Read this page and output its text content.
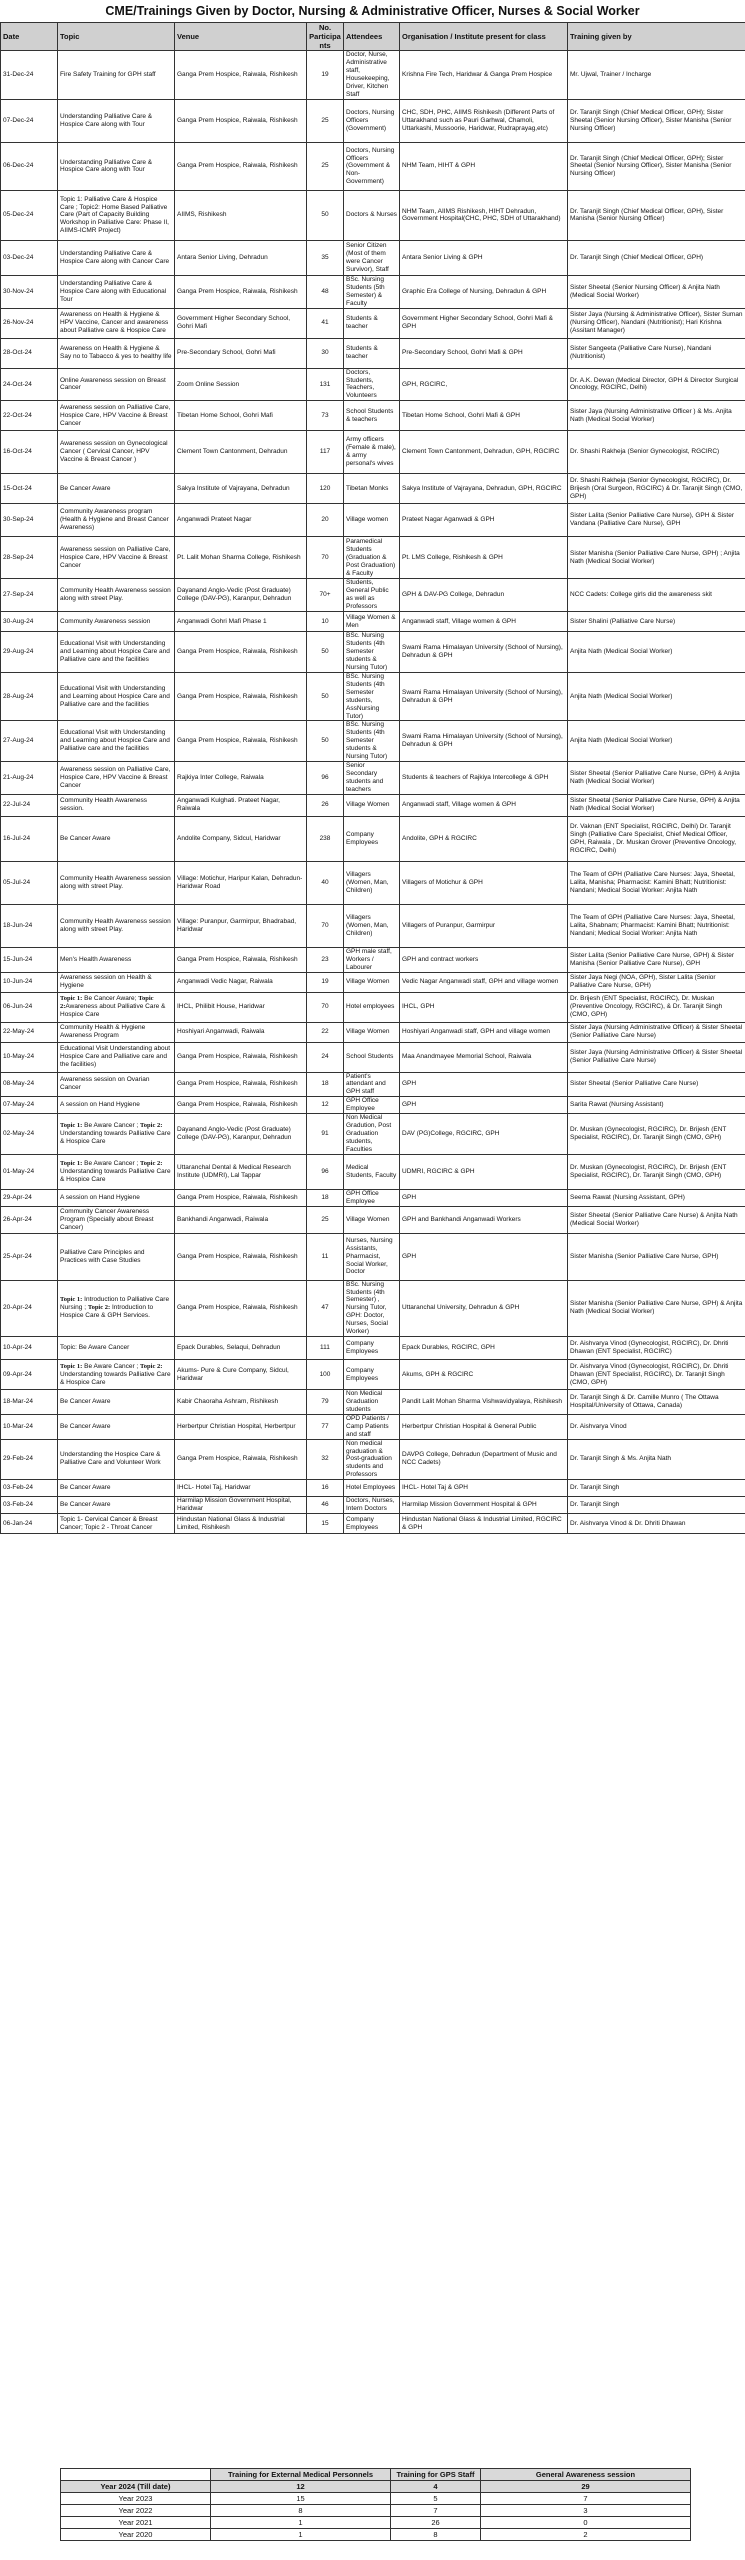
CME/Trainings Given by Doctor, Nursing & Administrative Officer, Nurses & Social Worker
Date	Topic	Venue	No. Participants	Attendees	Organisation / Institute present for class	Training given by
31-Dec-24	Fire Safety Training for GPH staff	Ganga Prem Hospice, Raiwala, Rishikesh	19	Doctor, Nurse, Administrative staff, Housekeeping, Driver, Kitchen Staff	Krishna Fire Tech, Haridwar & Ganga Prem Hospice	Mr. Ujwal, Trainer / Incharge
07-Dec-24	Understanding Palliative Care & Hospice Care along with Tour	Ganga Prem Hospice, Raiwala, Rishikesh	25	Doctors, Nursing Officers (Government)	CHC, SDH, PHC, AIIMS Rishikesh (Different Parts of Uttarakhand such as Pauri Garhwal, Chamoli, Uttarkashi, Mussoorie, Haridwar, Rudraprayag,etc)	Dr. Taranjit Singh (Chief Medical Officer, GPH); Sister Sheetal (Senior Nursing Officer), Sister Manisha (Senior Nursing Officer)
06-Dec-24	Understanding Palliative Care & Hospice Care along with Tour	Ganga Prem Hospice, Raiwala, Rishikesh	25	Doctors, Nursing Officers (Government & Non-Government)	NHM Team, HIHT & GPH	Dr. Taranjit Singh (Chief Medical Officer, GPH); Sister Sheetal (Senior Nursing Officer), Sister Manisha (Senior Nursing Officer)
05-Dec-24	Topic 1: Palliative Care & Hospice Care ; Topic2: Home Based Palliative Care (Part of Capacity Building Workshop in Palliative Care: Phase II, AIIMS-ICMR Project)	AIIMS, Rishikesh	50	Doctors & Nurses	NHM Team, AIIMS Rishikesh, HIHT Dehradun, Government Hospital(CHC, PHC, SDH of Uttarakhand)	Dr. Taranjit Singh (Chief Medical Officer, GPH), Sister Manisha (Senior Nursing Officer)
03-Dec-24	Understanding Palliative Care & Hospice Care along with Cancer Care	Antara Senior Living, Dehradun	35	Senior Citizen (Most of them were Cancer Survivor), Staff	Antara Senior Living & GPH	Dr. Taranjit Singh (Chief Medical Officer, GPH)
30-Nov-24	Understanding Palliative Care & Hospice Care along with Educational Tour	Ganga Prem Hospice, Raiwala, Rishikesh	48	BSc. Nursing Students (5th Semester) & Faculty	Graphic Era College of Nursing, Dehradun & GPH	Sister Sheetal (Senior Nursing Officer) & Anjita Nath (Medical Social Worker)
26-Nov-24	Awareness on Health & Hygiene & HPV Vaccine, Cancer and awareness about Palliative care & Hospice Care	Government Higher Secondary School, Gohri Mafi	41	Students & teacher	Government Higher Secondary School, Gohri Mafi & GPH	Sister Jaya (Nursing & Administrative Officer), Sister Suman (Nursing Officer), Nandani (Nutritionist); Hari Krishna (Assitant Manager)
28-Oct-24	Awareness on Health & Hygiene & Say no to Tabacco & yes to healthy life	Pre-Secondary School, Gohri Mafi	30	Students & teacher	Pre-Secondary School, Gohri Mafi & GPH	Sister Sangeeta (Palliative Care Nurse), Nandani (Nutritionist)
24-Oct-24	Online Awareness session on Breast Cancer	Zoom Online Session	131	Doctors, Students, Teachers, Volunteers	GPH, RGCIRC,	Dr. A.K. Dewan (Medical Director, GPH & Director Surgical Oncology, RGCIRC, Delhi)
22-Oct-24	Awareness session on Palliative Care, Hospice Care, HPV Vaccine & Breast Cancer	Tibetan Home School, Gohri Mafi	73	School Students & teachers	Tibetan Home School, Gohri Mafi & GPH	Sister Jaya (Nursing Administrative Officer ) & Ms. Anjita Nath (Medical Social Worker)
16-Oct-24	Awareness session on Gynecological Cancer ( Cervical Cancer, HPV Vaccine & Breast Cancer )	Clement Town Cantonment, Dehradun	117	Army officers (Female & male), & army personal's wives	Clement Town Cantonment, Dehradun, GPH, RGCIRC	Dr. Shashi Rakheja (Senior Gynecologist, RGCIRC)
15-Oct-24	Be Cancer Aware	Sakya Institute of Vajrayana, Dehradun	120	Tibetan Monks	Sakya Institute of Vajrayana, Dehradun, GPH, RGCIRC	Dr. Shashi Rakheja (Senior Gynecologist, RGCIRC), Dr. Brijesh (Oral Surgeon, RGCIRC) & Dr. Taranjit Singh (CMO, GPH)
30-Sep-24	Community Awareness program (Health & Hygiene and Breast Cancer Awareness)	Anganwadi Prateet Nagar	20	Village women	Prateet Nagar Aganwadi & GPH	Sister Lalita (Senior Palliative Care Nurse), GPH & Sister Vandana (Palliative Care Nurse), GPH
28-Sep-24	Awareness session on Palliative Care, Hospice Care, HPV Vaccine & Breast Cancer	Pt. Lalit Mohan Sharma College, Rishikesh	70	Paramedical Students (Graduation & Post Graduation) & Faculty	Pt. LMS College, Rishikesh & GPH	Sister Manisha (Senior Palliative Care Nurse, GPH) ; Anjita Nath (Medical Social Worker)
27-Sep-24	Community Health Awareness session along with street Play.	Dayanand Anglo-Vedic (Post Graduate) College (DAV-PG), Karanpur, Dehradun	70+	Students, General Public as well as Professors	GPH & DAV-PG College, Dehradun	NCC Cadets: College girls did the awareness skit
30-Aug-24	Community Awareness session	Anganwadi Gohri Mafi Phase 1	10	Village Women & Men	Anganwadi staff, Village women & GPH	Sister Shalini (Palliative Care Nurse)
29-Aug-24	Educational Visit with Understanding and Learning about Hospice Care and Palliative care and the facilities	Ganga Prem Hospice, Raiwala, Rishikesh	50	BSc. Nursing Students (4th Semester students & Nursing Tutor)	Swami Rama Himalayan University (School of Nursing), Dehradun & GPH	Anjita Nath (Medical Social Worker)
28-Aug-24	Educational Visit with Understanding and Learning about Hospice Care and Palliative care and the facilities	Ganga Prem Hospice, Raiwala, Rishikesh	50	BSc. Nursing Students (4th Semester students, AssNursing Tutor)	Swami Rama Himalayan University (School of Nursing), Dehradun & GPH	Anjita Nath (Medical Social Worker)
27-Aug-24	Educational Visit with Understanding and Learning about Hospice Care and Palliative care and the facilities	Ganga Prem Hospice, Raiwala, Rishikesh	50	BSc. Nursing Students (4th Semester students & Nursing Tutor)	Swami Rama Himalayan University (School of Nursing), Dehradun & GPH	Anjita Nath (Medical Social Worker)
21-Aug-24	Awareness session on Palliative Care, Hospice Care, HPV Vaccine & Breast Cancer	Rajkiya Inter College, Raiwala	96	Senior Secondary students and teachers	Students & teachers of Rajkiya Intercollege & GPH	Sister Sheetal (Senior Palliative Care Nurse, GPH) & Anjita Nath (Medical Social Worker)
22-Jul-24	Community Health Awareness session.	Anganwadi Kulghati. Prateet Nagar, Raiwala	26	Village Women	Anganwadi staff, Village women & GPH	Sister Sheetal (Senior Palliative Care Nurse, GPH) & Anjita Nath (Medical Social Worker)
16-Jul-24	Be Cancer Aware	Andolite Company, Sidcul, Haridwar	238	Company Employees	Andolite, GPH & RGCIRC	Dr. Vaknan (ENT Specialist, RGCIRC, Delhi) Dr. Taranjit Singh (Palliative Care Specialist, Chief Medical Officer, GPH, Raiwala , Dr. Muskan Grover (Preventive Oncology, RGCIRC, Delhi)
05-Jul-24	Community Health Awareness session along with street Play.	Village: Motichur, Haripur Kalan, Dehradun-Haridwar Road	40	Villagers (Women, Man, Children)	Villagers of Motichur & GPH	The Team of GPH (Palliative Care Nurses: Jaya, Sheetal, Lalita, Manisha; Pharmacist: Kamini Bhatt; Nutritionist: Nandani; Medical Social Worker: Anjita Nath
18-Jun-24	Community Health Awareness session along with street Play.	Village: Puranpur, Garmirpur, Bhadrabad, Haridwar	70	Villagers (Women, Man, Children)	Villagers of Puranpur, Garmirpur	The Team of GPH (Palliative Care Nurses: Jaya, Sheetal, Lalita, Shabnam; Pharmacist: Kamini Bhatt; Nutritionist: Nandani; Medical Social Worker: Anjita Nath
15-Jun-24	Men's Health Awareness	Ganga Prem Hospice, Raiwala, Rishikesh	23	GPH male staff, Workers / Labourer	GPH and contract workers	Sister Lalita (Senior Palliative Care Nurse, GPH) & Sister Manisha (Senior Palliative Care Nurse), GPH
10-Jun-24	Awareness session on Health & Hygiene	Anganwadi Vedic Nagar, Raiwala	19	Village Women	Vedic Nagar Anganwadi staff, GPH and village women	Sister Jaya Negi (NOA, GPH), Sister Lalita (Senior Palliative Care Nurse, GPH)
06-Jun-24	Topic 1: Be Cancer Aware; Topic 2:Awareness about Palliative Care & Hospice Care	IHCL, Philibit House, Haridwar	70	Hotel employees	IHCL, GPH	Dr. Brijesh (ENT Specialist, RGCIRC), Dr. Muskan (Preventive Oncology, RGCIRC), & Dr. Taranjit Singh (CMO, GPH)
22-May-24	Community Health & Hygiene Awareness Program	Hoshiyari Anganwadi, Raiwala	22	Village Women	Hoshiyari Anganwadi staff, GPH and village women	Sister Jaya (Nursing Administrative Officer) & Sister Sheetal (Senior Palliative Care Nurse)
10-May-24	Educational Visit Understanding about Hospice Care and Palliative care and the facilities)	Ganga Prem Hospice, Raiwala, Rishikesh	24	School Students	Maa Anandmayee Memorial School, Raiwala	Sister Jaya (Nursing Administrative Officer) & Sister Sheetal (Senior Palliative Care Nurse)
08-May-24	Awareness session on Ovarian Cancer	Ganga Prem Hospice, Raiwala, Rishikesh	18	Patient's attendant and GPH staff	GPH	Sister Sheetal (Senior Palliative Care Nurse)
07-May-24	A session on Hand Hygiene	Ganga Prem Hospice, Raiwala, Rishikesh	12	GPH Office Employee	GPH	Sarita Rawat (Nursing Assistant)
02-May-24	Topic 1: Be Aware Cancer ; Topic 2: Understanding towards Palliative Care & Hospice Care	Dayanand Anglo-Vedic (Post Graduate) College (DAV-PG), Karanpur, Dehradun	91	Non Medical Gradution, Post Graduation students, Faculties	DAV (PG)College, RGCIRC, GPH	Dr. Muskan (Gynecologist, RGCIRC), Dr. Brijesh (ENT Specialist, RGCIRC), Dr. Taranjit Singh (CMO, GPH)
01-May-24	Topic 1: Be Aware Cancer ; Topic 2: Understanding towards Palliative Care & Hospice Care	Uttaranchal Dental & Medical Research Institute (UDMRI), Lal Tappar	96	Medical Students, Faculty	UDMRI, RGCIRC & GPH	Dr. Muskan (Gynecologist, RGCIRC), Dr. Brijesh (ENT Specialist, RGCIRC), Dr. Taranjit Singh (CMO, GPH)
29-Apr-24	A session on Hand Hygiene	Ganga Prem Hospice, Raiwala, Rishikesh	18	GPH Office Employee	GPH	Seema Rawat (Nursing Assistant, GPH)
26-Apr-24	Community Cancer Awareness Program (Specially about Breast Cancer)	Bankhandi Anganwadi, Raiwala	25	Village Women	GPH and Bankhandi Anganwadi Workers	Sister Sheetal (Senior Palliative Care Nurse) & Anjita Nath (Medical Social Worker)
25-Apr-24	Palliative Care Principles and Practices with Case Studies	Ganga Prem Hospice, Raiwala, Rishikesh	11	Nurses, Nursing Assistants, Pharmacist, Social Worker, Doctor	GPH	Sister Manisha (Senior Palliative Care Nurse, GPH)
20-Apr-24	Topic 1: Introduction to Palliative Care Nursing ; Topic 2: Introduction to Hospice Care & GPH Services.	Ganga Prem Hospice, Raiwala, Rishikesh	47	BSc. Nursing Students (4th Semester) , Nursing Tutor, GPH: Doctor, Nurses, Social Worker)	Uttaranchal University, Dehradun & GPH	Sister Manisha (Senior Palliative Care Nurse, GPH) & Anjita Nath (Medical Social Worker)
10-Apr-24	Topic: Be Aware Cancer	Epack Durables, Selaqui, Dehradun	111	Company Employees	Epack Durables, RGCIRC, GPH	Dr. Aishvarya Vinod (Gynecologist, RGCIRC), Dr. Dhriti Dhawan (ENT Specialist, RGCIRC)
09-Apr-24	Topic 1: Be Aware Cancer ; Topic 2: Understanding towards Palliative Care & Hospice Care	Akums- Pure & Cure Company, Sidcul, Haridwar	100	Company Employees	Akums, GPH & RGCIRC	Dr. Aishvarya Vinod (Gynecologist, RGCIRC), Dr. Dhriti Dhawan (ENT Specialist, RGCIRC), Dr. Taranjit Singh (CMO, GPH)
18-Mar-24	Be Cancer Aware	Kabir Chaoraha Ashram, Rishikesh	79	Non Medical Graduation students	Pandit Lalit Mohan Sharma Vishwavidyalaya, Rishikesh	Dr. Taranjit Singh & Dr. Camille Munro ( The Ottawa Hospital/University of Ottawa, Canada)
10-Mar-24	Be Cancer Aware	Herbertpur Christian Hospital, Herbertpur	77	OPD Patients / Camp Patients and staff	Herbertpur Christian Hospital & General Public	Dr. Aishvarya Vinod
29-Feb-24	Understanding the Hospice Care & Palliative Care and Volunteer Work	Ganga Prem Hospice, Raiwala, Rishikesh	32	Non medical graduation & Post-graduation students and Professors	DAVPG College, Dehradun (Department of Music and NCC Cadets)	Dr. Taranjit Singh & Ms. Anjita Nath
03-Feb-24	Be Cancer Aware	IHCL- Hotel Taj, Haridwar	16	Hotel Employees	IHCL- Hotel Taj & GPH	Dr. Taranjit Singh
03-Feb-24	Be Cancer Aware	Harmilap Mission Government Hospital, Haridwar	46	Doctors, Nurses, Intern Doctors	Harmilap Mission Government Hospital & GPH	Dr. Taranjit Singh
06-Jan-24	Topic 1- Cervical Cancer & Breast Cancer; Topic 2 - Throat Cancer	Hindustan National Glass & Industrial Limited, Rishikesh	15	Company Employees	Hindustan National Glass & Industrial Limited, RGCIRC & GPH	Dr. Aishvarya Vinod & Dr. Dhriti Dhawan
	Training for External Medical Personnels	Training for GPS Staff	General Awareness session
Year 2024 (Till date)	12	4	29
Year 2023	15	5	7
Year 2022	8	7	3
Year 2021	1	26	0
Year 2020	1	8	2
